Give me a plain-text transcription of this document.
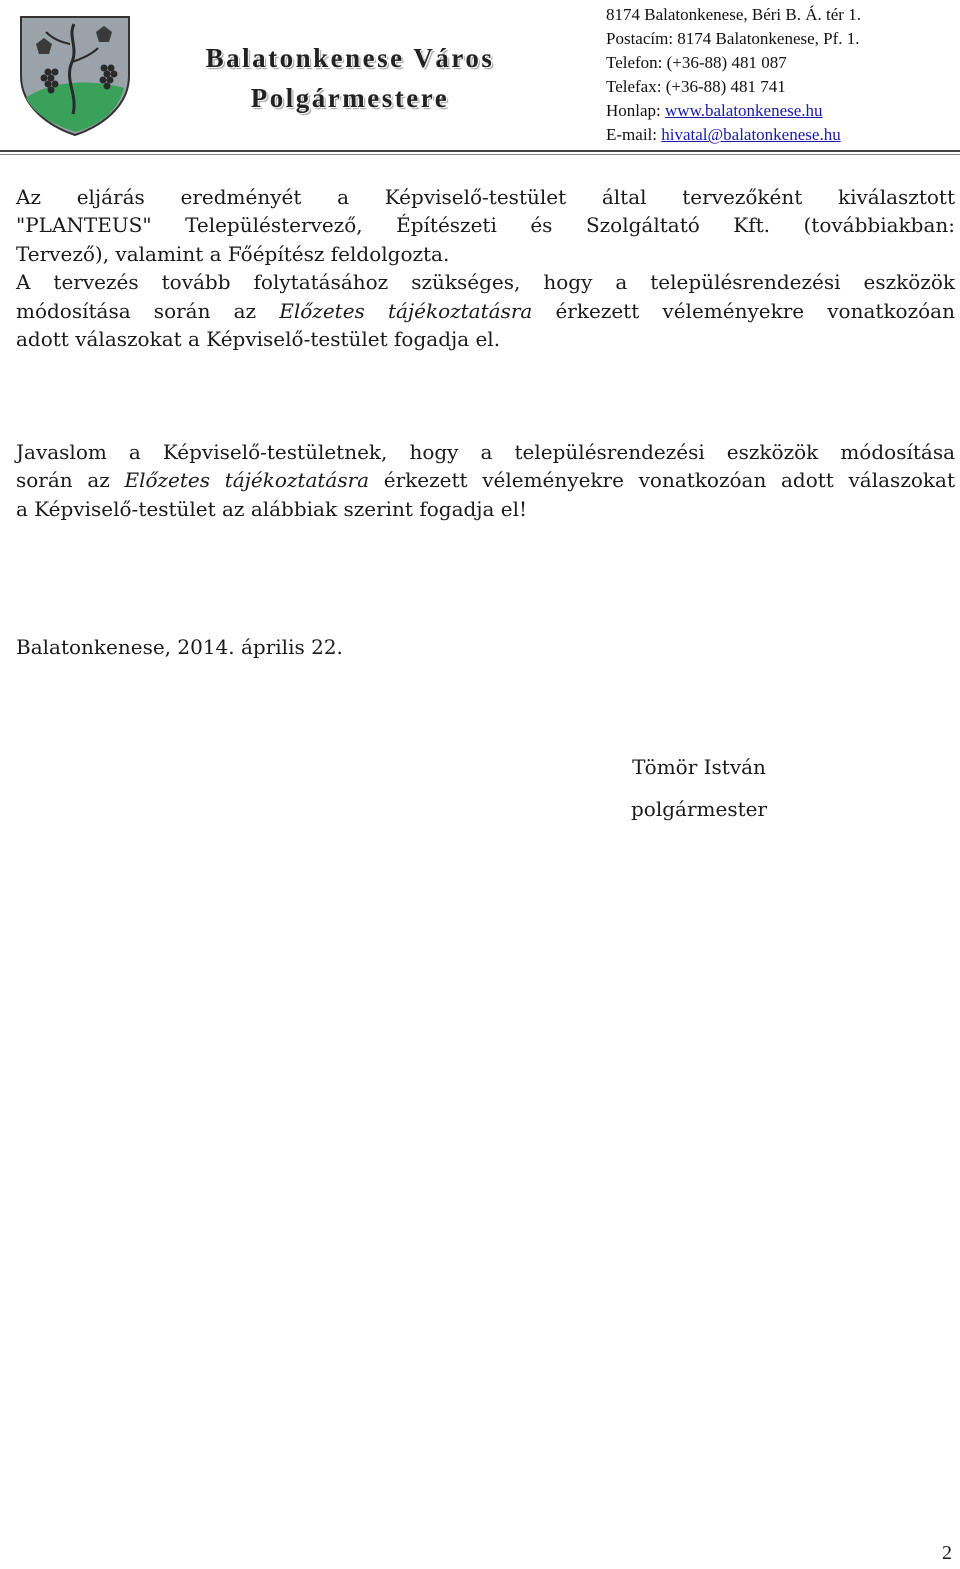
Balatonkenese Város
Polgármestere
8174 Balatonkenese, Béri B. Á. tér 1.
Postacím: 8174 Balatonkenese, Pf. 1.
Telefon: (+36-88) 481 087
Telefax: (+36-88) 481 741
Honlap: www.balatonkenese.hu
E-mail: hivatal@balatonkenese.hu
Az eljárás eredményét a Képviselő-testület által tervezőként kiválasztott
"PLANTEUS" Településtervező, Építészeti és Szolgáltató Kft. (továbbiakban:
Tervező), valamint a Főépítész feldolgozta.
A tervezés tovább folytatásához szükséges, hogy a településrendezési eszközök
módosítása során az Előzetes tájékoztatásra érkezett véleményekre vonatkozóan
adott válaszokat a Képviselő-testület fogadja el.
Javaslom a Képviselő-testületnek, hogy a településrendezési eszközök módosítása
során az Előzetes tájékoztatásra érkezett véleményekre vonatkozóan adott válaszokat
a Képviselő-testület az alábbiak szerint fogadja el!
Balatonkenese, 2014. április 22.
Tömör István
polgármester
2
